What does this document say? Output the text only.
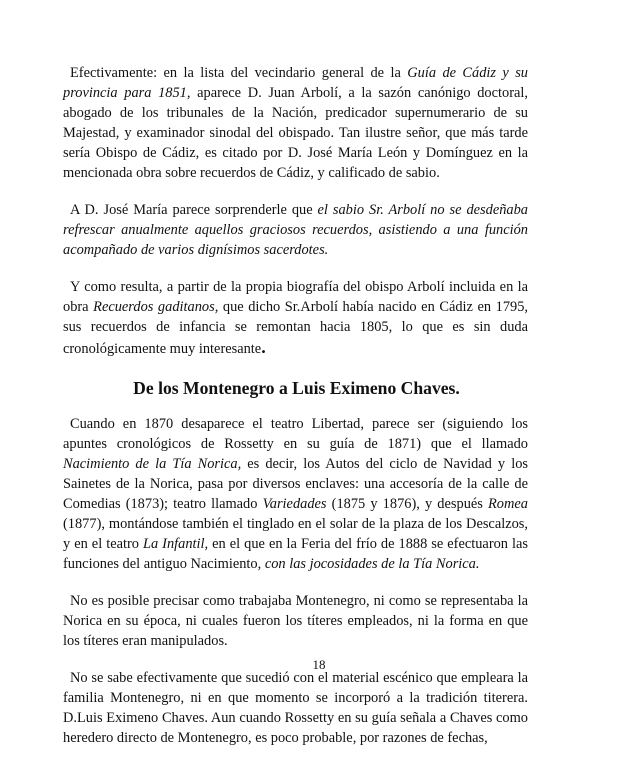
Efectivamente: en la lista del vecindario general de la Guía de Cádiz y su provincia para 1851, aparece D. Juan Arbolí, a la sazón canónigo doctoral, abogado de los tribunales de la Nación, predicador supernumerario de su Majestad, y examinador sinodal del obispado. Tan ilustre señor, que más tarde sería Obispo de Cádiz, es citado por D. José María León y Domínguez en la mencionada obra sobre recuerdos de Cádiz, y calificado de sabio.

A D. José María parece sorprenderle que el sabio Sr. Arbolí no se desdeñaba refrescar anualmente aquellos graciosos recuerdos, asistiendo a una función acompañado de varios dignísimos sacerdotes.

Y como resulta, a partir de la propia biografía del obispo Arbolí incluida en la obra Recuerdos gaditanos, que dicho Sr.Arbolí había nacido en Cádiz en 1795, sus recuerdos de infancia se remontan hacia 1805, lo que es sin duda cronológicamente muy interesante.

De los Montenegro a Luis Eximeno Chaves.

Cuando en 1870 desaparece el teatro Libertad, parece ser (siguiendo los apuntes cronológicos de Rossetty en su guía de 1871) que el llamado Nacimiento de la Tía Norica, es decir, los Autos del ciclo de Navidad y los Sainetes de la Norica, pasa por diversos enclaves: una accesoría de la calle de Comedias (1873); teatro llamado Variedades (1875 y 1876), y después Romea (1877), montándose también el tinglado en el solar de la plaza de los Descalzos, y en el teatro La Infantil, en el que en la Feria del frío de 1888 se efectuaron las funciones del antiguo Nacimiento, con las jocosidades de la Tía Norica.

No es posible precisar como trabajaba Montenegro, ni como se representaba la Norica en su época, ni cuales fueron los títeres empleados, ni la forma en que los títeres eran manipulados.

No se sabe efectivamente que sucedió con el material escénico que empleara la familia Montenegro, ni en que momento se incorporó a la tradición titerera. D.Luis Eximeno Chaves. Aun cuando Rossetty en su guía señala a Chaves como heredero directo de Montenegro, es poco probable, por razones de fechas,

18
